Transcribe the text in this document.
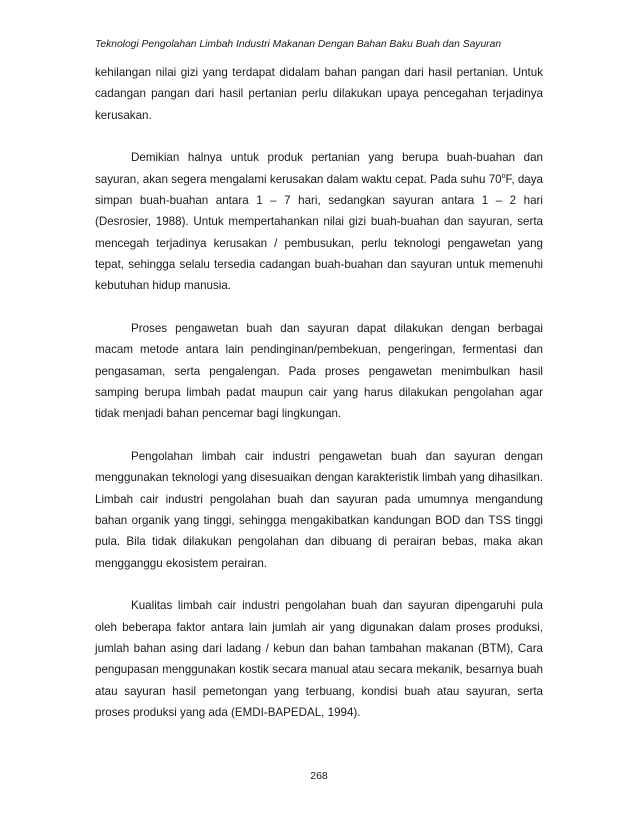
Teknologi Pengolahan Limbah Industri Makanan Dengan Bahan Baku Buah dan Sayuran

kehilangan nilai gizi yang terdapat didalam bahan pangan dari hasil pertanian. Untuk cadangan pangan dari hasil pertanian perlu dilakukan upaya pencegahan terjadinya kerusakan.

Demikian halnya untuk produk pertanian yang berupa buah-buahan dan sayuran, akan segera mengalami kerusakan dalam waktu cepat. Pada suhu 70$^o$F, daya simpan buah-buahan antara 1 – 7 hari, sedangkan sayuran antara 1 – 2 hari (Desrosier, 1988). Untuk mempertahankan nilai gizi buah-buahan dan sayuran, serta mencegah terjadinya kerusakan / pembusukan, perlu teknologi pengawetan yang tepat, sehingga selalu tersedia cadangan buah-buahan dan sayuran untuk memenuhi kebutuhan hidup manusia.

Proses pengawetan buah dan sayuran dapat dilakukan dengan berbagai macam metode antara lain pendinginan/pembekuan, pengeringan, fermentasi dan pengasaman, serta pengalengan. Pada proses pengawetan menimbulkan hasil samping berupa limbah padat maupun cair yang harus dilakukan pengolahan agar tidak menjadi bahan pencemar bagi lingkungan.

Pengolahan limbah cair industri pengawetan buah dan sayuran dengan menggunakan teknologi yang disesuaikan dengan karakteristik limbah yang dihasilkan. Limbah cair industri pengolahan buah dan sayuran pada umumnya mengandung bahan organik yang tinggi, sehingga mengakibatkan kandungan BOD dan TSS tinggi pula. Bila tidak dilakukan pengolahan dan dibuang di perairan bebas, maka akan mengganggu ekosistem perairan.

Kualitas limbah cair industri pengolahan buah dan sayuran dipengaruhi pula oleh beberapa faktor antara lain jumlah air yang digunakan dalam proses produksi, jumlah bahan asing dari ladang / kebun dan bahan tambahan makanan (BTM), Cara pengupasan menggunakan kostik secara manual atau secara mekanik, besarnya buah atau sayuran hasil pemetongan yang terbuang, kondisi buah atau sayuran, serta proses produksi yang ada (EMDI-BAPEDAL, 1994).

268
